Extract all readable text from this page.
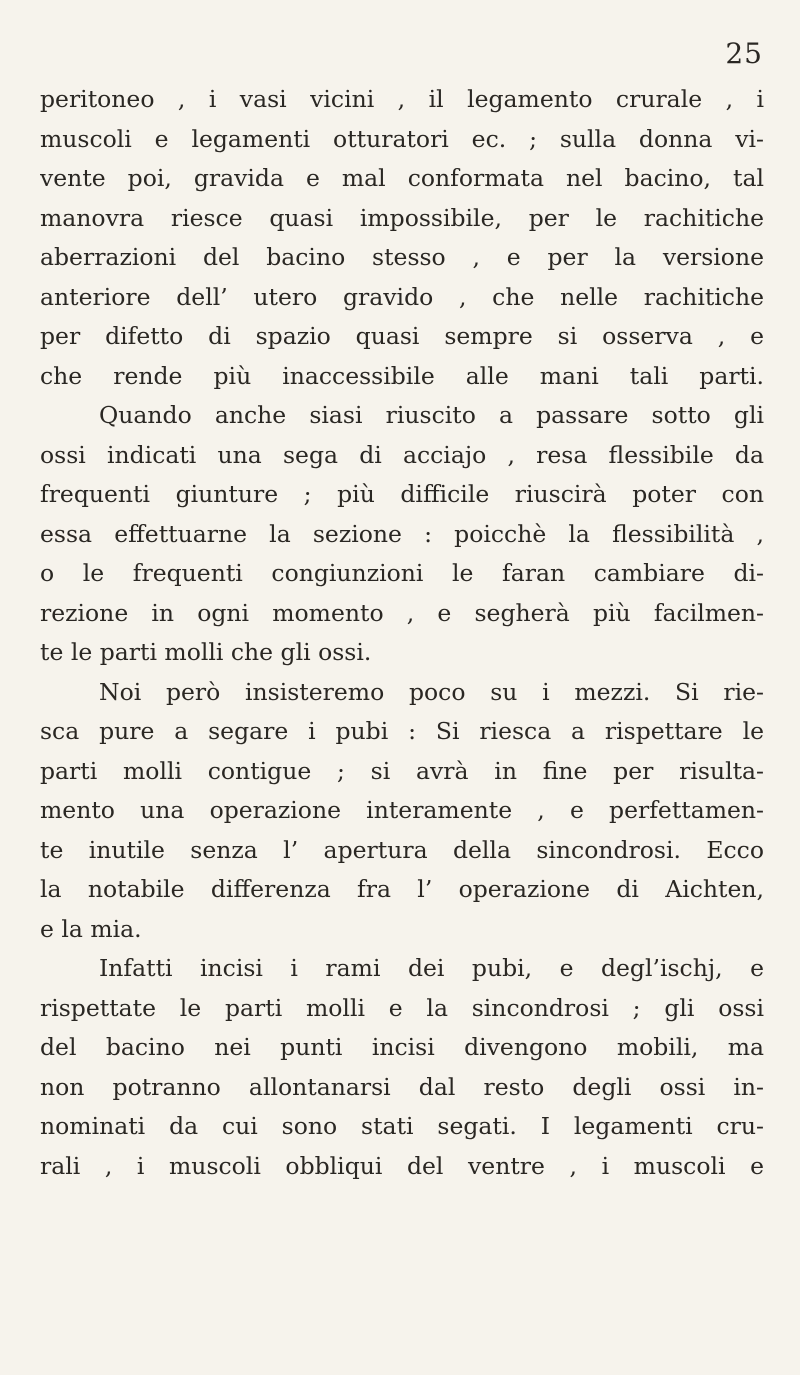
25
peritoneo , i vasi vicini , il legamento crurale , i
muscoli e legamenti otturatori ec. ; sulla donna vi-
vente poi, gravida e mal conformata nel bacino, tal
manovra riesce quasi impossibile, per le rachitiche
aberrazioni del bacino stesso , e per la versione
anteriore dell’ utero gravido , che nelle rachitiche
per difetto di spazio quasi sempre si osserva , e
che rende più inaccessibile alle mani tali parti.
Quando anche siasi riuscito a passare sotto gli
ossi indicati una sega di acciajo , resa flessibile da
frequenti giunture ; più difficile riuscirà poter con
essa effettuarne la sezione : poicchè la flessibilità ,
o le frequenti congiunzioni le faran cambiare di-
rezione in ogni momento , e segherà più facilmen-
te le parti molli che gli ossi.
Noi però insisteremo poco su i mezzi. Si rie-
sca pure a segare i pubi : Si riesca a rispettare le
parti molli contigue ; si avrà in fine per risulta-
mento una operazione interamente , e perfettamen-
te inutile senza l’ apertura della sincondrosi. Ecco
la notabile differenza fra l’ operazione di Aichten,
e la mia.
Infatti incisi i rami dei pubi, e degl’ischj, e
rispettate le parti molli e la sincondrosi ; gli ossi
del bacino nei punti incisi divengono mobili, ma
non potranno allontanarsi dal resto degli ossi in-
nominati da cui sono stati segati. I legamenti cru-
rali , i muscoli obbliqui del ventre , i muscoli e
